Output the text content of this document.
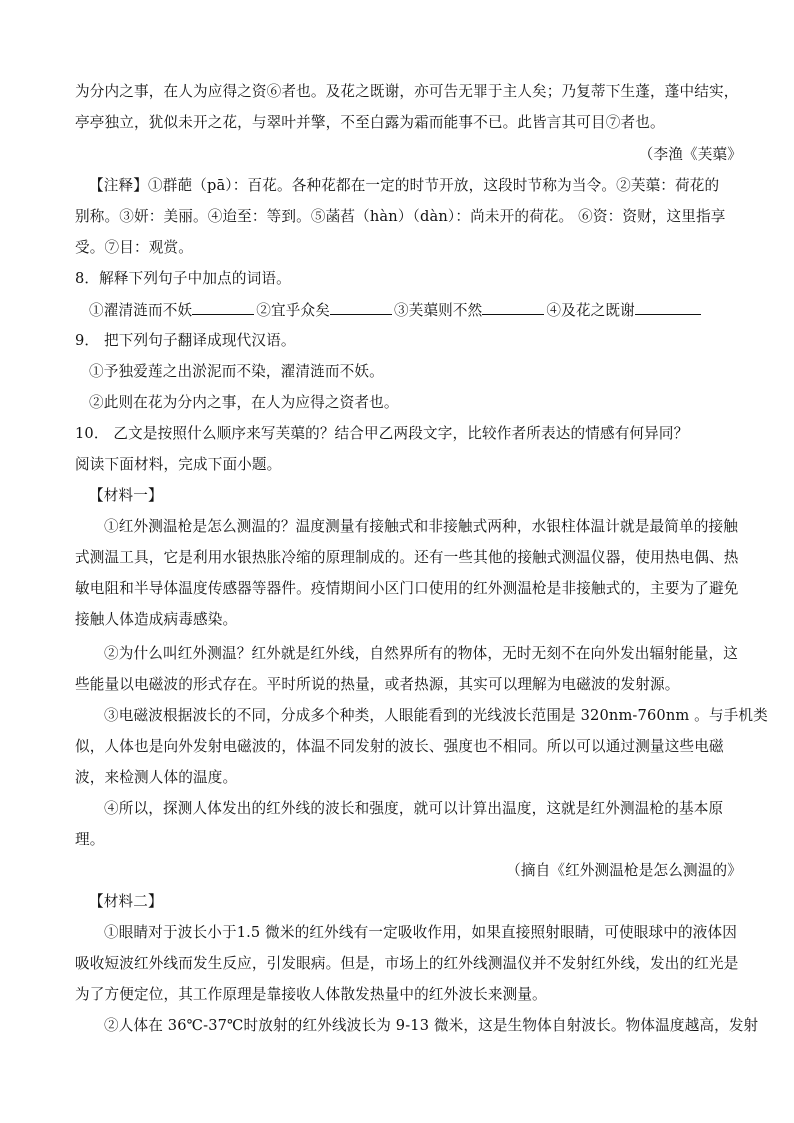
为分内之事，在人为应得之资⑥者也。及花之既谢，亦可告无罪于主人矣；乃复蒂下生蓬，蓬中结实，
亭亭独立，犹似未开之花，与翠叶并擎，不至白露为霜而能事不已。此皆言其可目⑦者也。
（李渔《芙蕖》
【注释】①群葩（pā）：百花。各种花都在一定的时节开放，这段时节称为当令。②芙蕖：荷花的
别称。③妍：美丽。④迨至：等到。⑤菡萏（hàn）（dàn）：尚未开的荷花。 ⑥资：资财，这里指享
受。⑦目：观赏。
8．解释下列句子中加点的词语。
①濯清涟而不妖	②宜乎众矣	③芙蕖则不然	④及花之既谢
9． 把下列句子翻译成现代汉语。
①予独爱莲之出淤泥而不染，濯清涟而不妖。
②此则在花为分内之事，在人为应得之资者也。
10． 乙文是按照什么顺序来写芙蕖的？结合甲乙两段文字，比较作者所表达的情感有何异同？
阅读下面材料，完成下面小题。
【材料一】
①红外测温枪是怎么测温的？温度测量有接触式和非接触式两种，水银柱体温计就是最简单的接触
式测温工具，它是利用水银热胀冷缩的原理制成的。还有一些其他的接触式测温仪器，使用热电偶、热
敏电阻和半导体温度传感器等器件。疫情期间小区门口使用的红外测温枪是非接触式的，主要为了避免
接触人体造成病毒感染。
②为什么叫红外测温？红外就是红外线，自然界所有的物体，无时无刻不在向外发出辐射能量，这
些能量以电磁波的形式存在。平时所说的热量，或者热源，其实可以理解为电磁波的发射源。
③电磁波根据波长的不同，分成多个种类，人眼能看到的光线波长范围是 320nm-760nm 。与手机类
似，人体也是向外发射电磁波的，体温不同发射的波长、强度也不相同。所以可以通过测量这些电磁
波，来检测人体的温度。
④所以，探测人体发出的红外线的波长和强度，就可以计算出温度，这就是红外测温枪的基本原
理。
（摘自《红外测温枪是怎么测温的》
【材料二】
①眼睛对于波长小于1.5 微米的红外线有一定吸收作用，如果直接照射眼睛，可使眼球中的液体因
吸收短波红外线而发生反应，引发眼病。但是，市场上的红外线测温仪并不发射红外线，发出的红光是
为了方便定位，其工作原理是靠接收人体散发热量中的红外波长来测量。
②人体在 36℃-37℃时放射的红外线波长为 9-13 微米，这是生物体自射波长。物体温度越高，发射
